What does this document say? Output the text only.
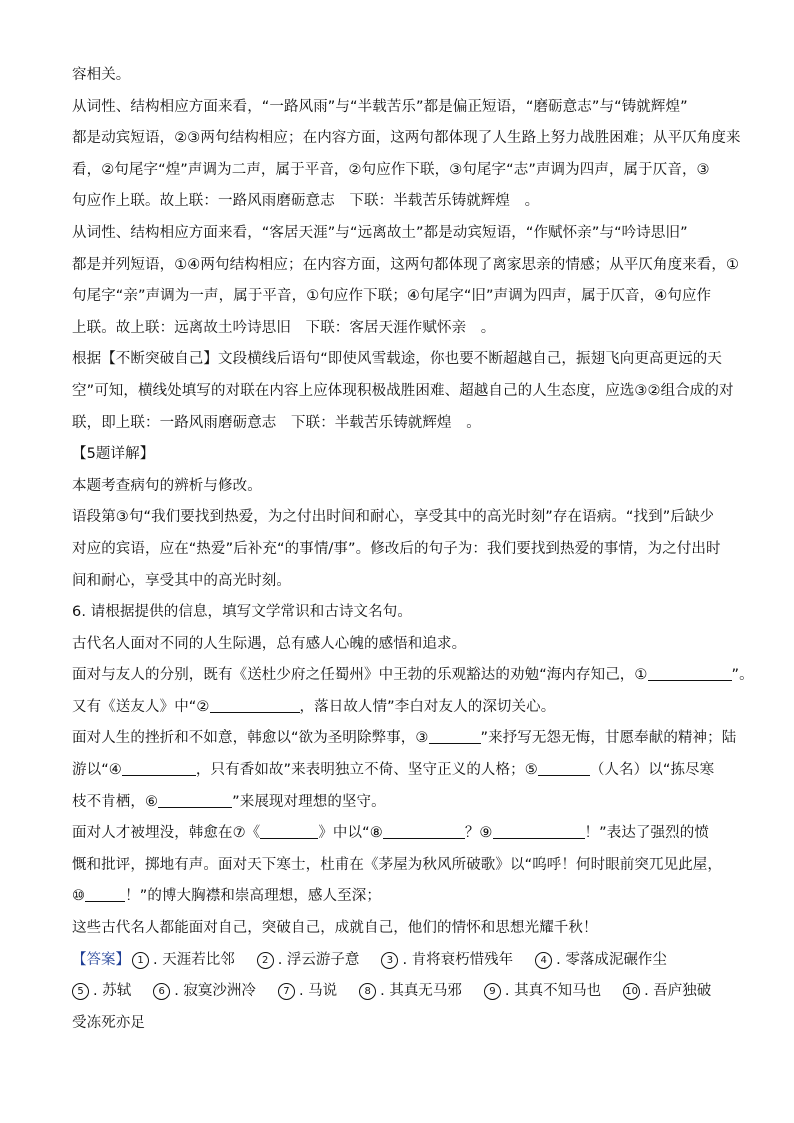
容相关。
从词性、结构相应方面来看，“一路风雨”与“半载苦乐”都是偏正短语，“磨砺意志”与“铸就辉煌”
都是动宾短语，②③两句结构相应；在内容方面，这两句都体现了人生路上努力战胜困难；从平仄角度来
看，②句尾字“煌”声调为二声，属于平音，②句应作下联，③句尾字“志”声调为四声，属于仄音，③
句应作上联。故上联：一路风雨磨砺意志　下联：半载苦乐铸就辉煌　。
从词性、结构相应方面来看，“客居天涯”与“远离故土”都是动宾短语，“作赋怀亲”与“吟诗思旧”
都是并列短语，①④两句结构相应；在内容方面，这两句都体现了离家思亲的情感；从平仄角度来看，①
句尾字“亲”声调为一声，属于平音，①句应作下联；④句尾字“旧”声调为四声，属于仄音，④句应作
上联。故上联：远离故土吟诗思旧　下联：客居天涯作赋怀亲　。
根据【不断突破自己】文段横线后语句“即使风雪载途，你也要不断超越自己，振翅飞向更高更远的天
空”可知，横线处填写的对联在内容上应体现积极战胜困难、超越自己的人生态度，应选③②组合成的对
联，即上联：一路风雨磨砺意志　下联：半载苦乐铸就辉煌　。
【5题详解】
本题考查病句的辨析与修改。
语段第③句“我们要找到热爱，为之付出时间和耐心，享受其中的高光时刻”存在语病。“找到”后缺少
对应的宾语，应在“热爱”后补充“的事情/事”。修改后的句子为：我们要找到热爱的事情，为之付出时
间和耐心，享受其中的高光时刻。
6. 请根据提供的信息，填写文学常识和古诗文名句。
古代名人面对不同的人生际遇，总有感人心魄的感悟和追求。
面对与友人的分别，既有《送杜少府之任蜀州》中王勃的乐观豁达的劝勉“海内存知己，①	”。
又有《送友人》中“②	，落日故人情”李白对友人的深切关心。
面对人生的挫折和不如意，韩愈以“欲为圣明除弊事，③	”来抒写无怨无悔，甘愿奉献的精神；陆
游以“④	，只有香如故”来表明独立不倚、坚守正义的人格；⑤	（人名）以“拣尽寒
枝不肯栖，⑥	”来展现对理想的坚守。
面对人才被埋没，韩愈在⑦《	》中以“⑧	？⑨	！”表达了强烈的愤
慨和批评，掷地有声。面对天下寒士，杜甫在《茅屋为秋风所破歌》以“呜呼！何时眼前突兀见此屋，
⑩	！”的博大胸襟和崇高理想，感人至深；
这些古代名人都能面对自己，突破自己，成就自己，他们的情怀和思想光耀千秋！
【答案】 1 . 天涯若比邻	2 . 浮云游子意	3 . 肯将衰朽惜残年	4 . 零落成泥碾作尘
5 . 苏轼	6 . 寂寞沙洲冷	7 . 马说	8 . 其真无马邪	9 . 其真不知马也 10 . 吾庐独破
受冻死亦足
